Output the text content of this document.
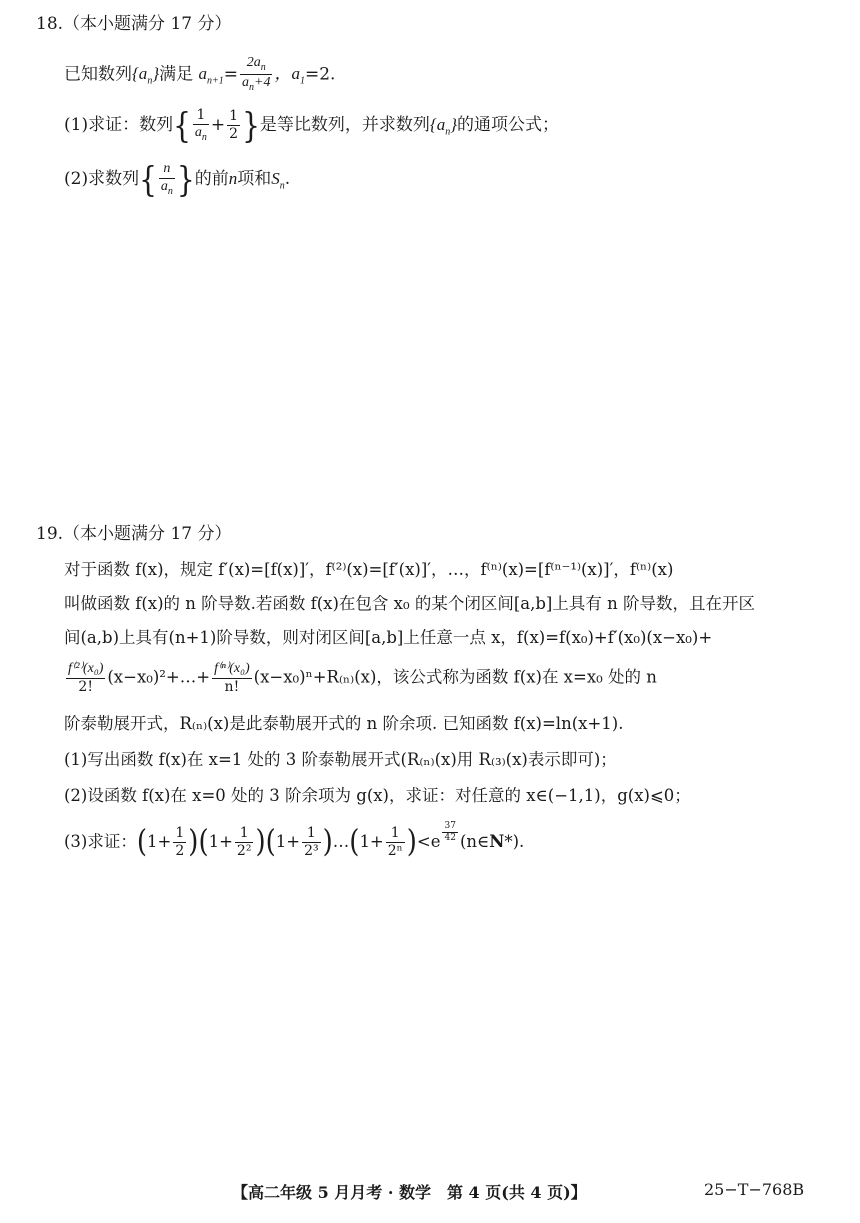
18.（本小题满分 17 分）
已知数列$\{a_n\}$满足 $a_{n+1}= \frac{2a_n}{a_n+4}$ ，$a_1=2$.
(1)求证：数列{ $\frac{1}{a_n} + \frac{1}{2}$ }是等比数列，并求数列$\{a_n\}$的通项公式；
(2)求数列{ $\frac{n}{a_n}$ }的前n项和$S_n$.
19.（本小题满分 17 分）
对于函数 f(x)，规定 f′(x)=[f(x)]′，f⁽²⁾(x)=[f′(x)]′，…，f⁽ⁿ⁾(x)=[f⁽ⁿ⁻¹⁾(x)]′，f⁽ⁿ⁾(x)
叫做函数 f(x)的 n 阶导数.若函数 f(x)在包含 x₀ 的某个闭区间[a,b]上具有 n 阶导数，且在开区
间(a,b)上具有(n+1)阶导数，则对闭区间[a,b]上任意一点 x，f(x)=f(x₀)+f′(x₀)(x−x₀)+
$\frac{\text{f⁽²⁾(x₀)}}{2!}$ (x−x₀)²+…+ $\frac{\text{f⁽ⁿ⁾(x₀)}}{n!} (x-x_0)^n+R_{(n)}(x)$，该公式称为函数 f(x)在 x=x₀ 处的 n
阶泰勒展开式，R₍ₙ₎(x)是此泰勒展开式的 n 阶余项. 已知函数 f(x)=ln(x+1).
(1)写出函数 f(x)在 x=1 处的 3 阶泰勒展开式(R₍ₙ₎(x)用 R₍₃₎(x)表示即可)；
(2)设函数 f(x)在 x=0 处的 3 阶余项为 g(x)，求证：对任意的 x∈(−1,1)，g(x)⩽0；
(3)求证：$(1+ \frac{1}{2} )(1+ \frac{1}{\text{2²}} )(1+ \frac{1}{\text{2³}}$ )…(1+ $\frac{1}{\text{2ⁿ}} )<e$ $^{\frac{37}{42}}$ (n∈N*).
【高二年级 5 月月考 · 数学　第 4 页(共 4 页)】	25−T−768B
